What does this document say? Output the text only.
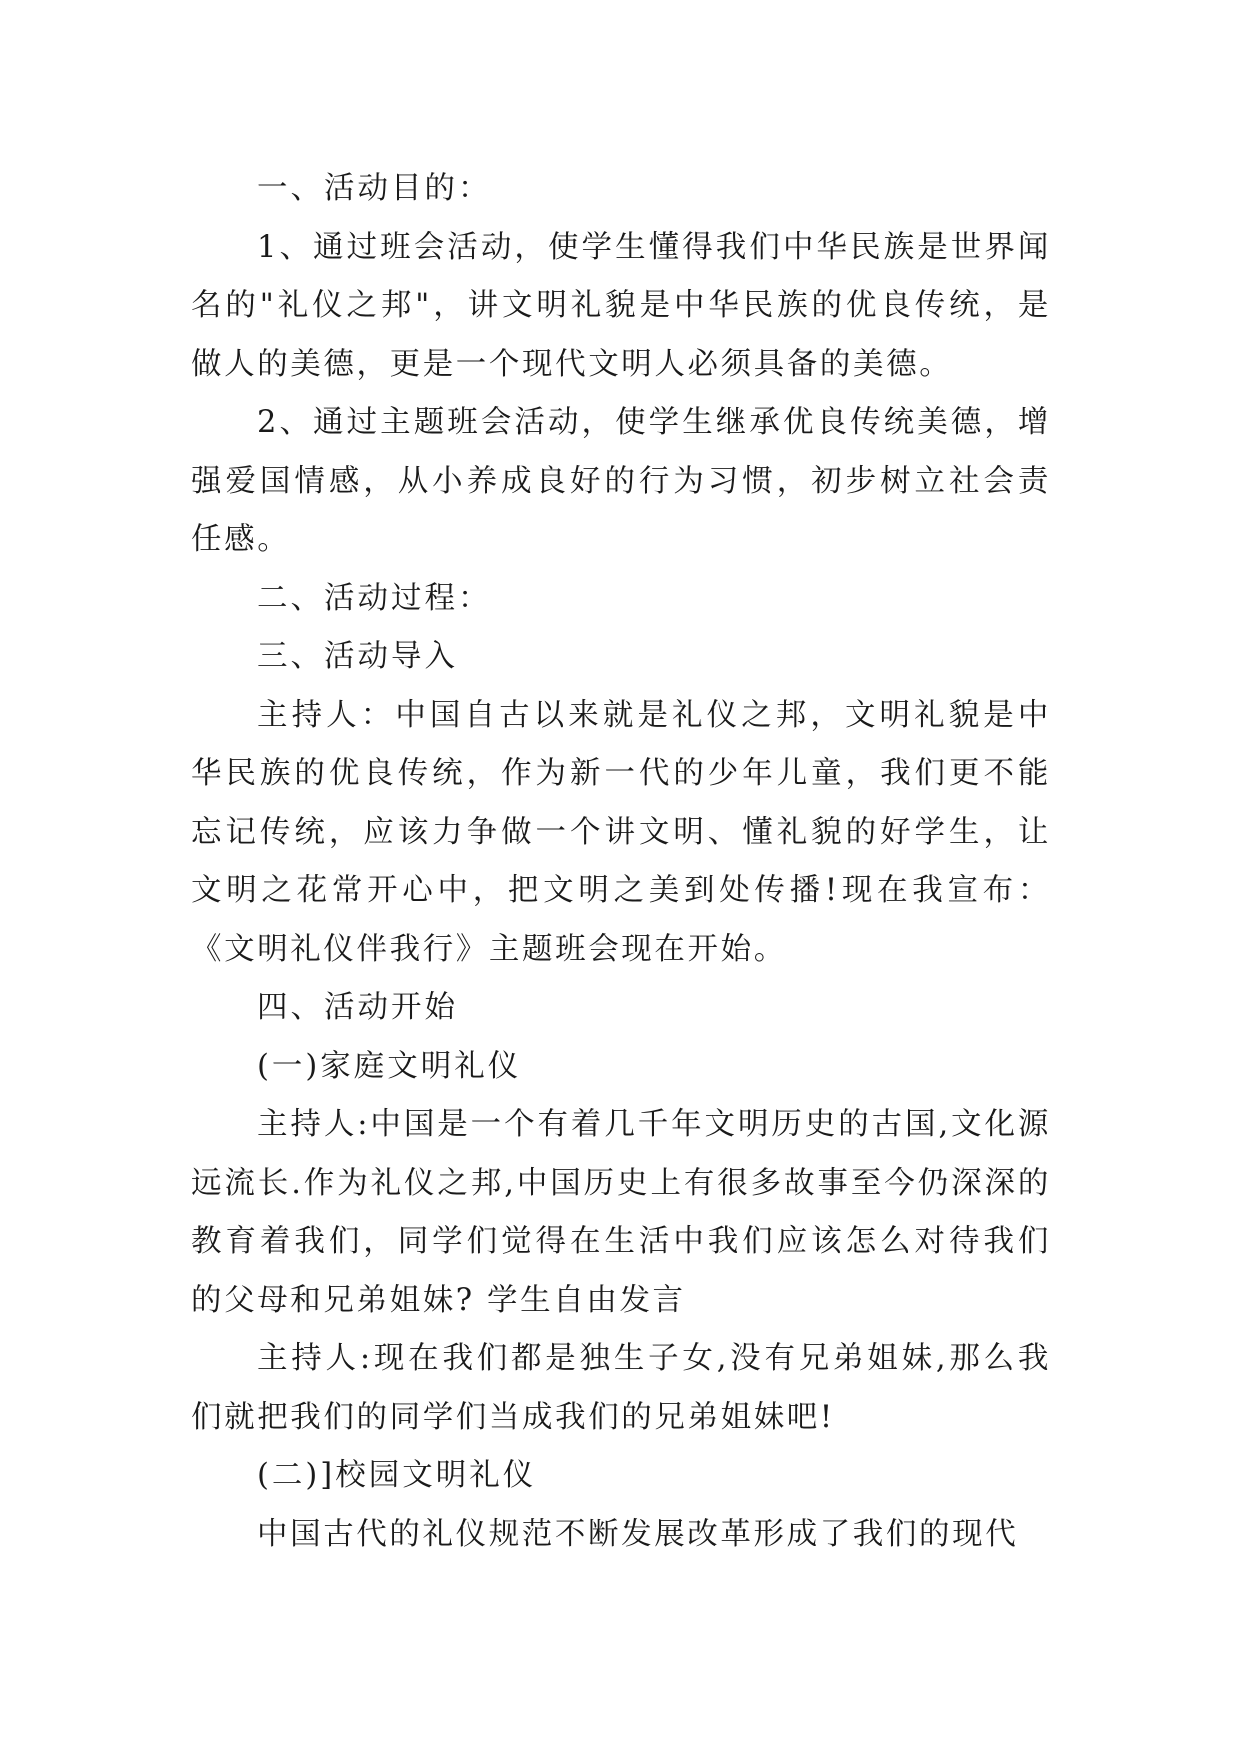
一、活动目的：

1、通过班会活动，使学生懂得我们中华民族是世界闻名的"礼仪之邦"，讲文明礼貌是中华民族的优良传统，是做人的美德，更是一个现代文明人必须具备的美德。

2、通过主题班会活动，使学生继承优良传统美德，增强爱国情感，从小养成良好的行为习惯，初步树立社会责任感。

二、活动过程：

三、活动导入

主持人：中国自古以来就是礼仪之邦，文明礼貌是中华民族的优良传统，作为新一代的少年儿童，我们更不能忘记传统，应该力争做一个讲文明、懂礼貌的好学生，让文明之花常开心中，把文明之美到处传播!现在我宣布：《文明礼仪伴我行》主题班会现在开始。

四、活动开始

(一)家庭文明礼仪

主持人:中国是一个有着几千年文明历史的古国,文化源远流长.作为礼仪之邦,中国历史上有很多故事至今仍深深的教育着我们，同学们觉得在生活中我们应该怎么对待我们的父母和兄弟姐妹? 学生自由发言

主持人:现在我们都是独生子女,没有兄弟姐妹,那么我们就把我们的同学们当成我们的兄弟姐妹吧!

(二)]校园文明礼仪

中国古代的礼仪规范不断发展改革形成了我们的现代
